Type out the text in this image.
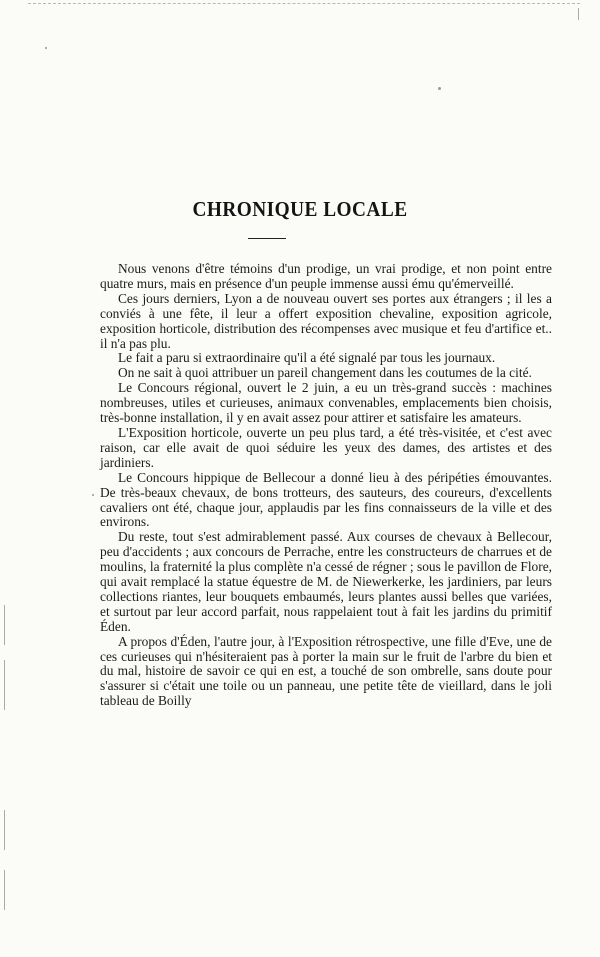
CHRONIQUE LOCALE

Nous venons d'être témoins d'un prodige, un vrai prodige, et non point entre quatre murs, mais en présence d'un peuple immense aussi ému qu'émerveillé.

Ces jours derniers, Lyon a de nouveau ouvert ses portes aux étrangers ; il les a conviés à une fête, il leur a offert exposition chevaline, exposition agricole, exposition horticole, distribution des récompenses avec musique et feu d'artifice et.. il n'a pas plu.

Le fait a paru si extraordinaire qu'il a été signalé par tous les journaux.

On ne sait à quoi attribuer un pareil changement dans les coutumes de la cité.

Le Concours régional, ouvert le 2 juin, a eu un très-grand succès : machines nombreuses, utiles et curieuses, animaux convenables, emplacements bien choisis, très-bonne installation, il y en avait assez pour attirer et satisfaire les amateurs.

L'Exposition horticole, ouverte un peu plus tard, a été très-visitée, et c'est avec raison, car elle avait de quoi séduire les yeux des dames, des artistes et des jardiniers.

Le Concours hippique de Bellecour a donné lieu à des péripéties émouvantes. De très-beaux chevaux, de bons trotteurs, des sauteurs, des coureurs, d'excellents cavaliers ont été, chaque jour, applaudis par les fins connaisseurs de la ville et des environs.

Du reste, tout s'est admirablement passé. Aux courses de chevaux à Bellecour, peu d'accidents ; aux concours de Perrache, entre les constructeurs de charrues et de moulins, la fraternité la plus complète n'a cessé de régner ; sous le pavillon de Flore, qui avait remplacé la statue équestre de M. de Niewerkerke, les jardiniers, par leurs collections riantes, leur bouquets embaumés, leurs plantes aussi belles que variées, et surtout par leur accord parfait, nous rappelaient tout à fait les jardins du primitif Éden.

A propos d'Éden, l'autre jour, à l'Exposition rétrospective, une fille d'Eve, une de ces curieuses qui n'hésiteraient pas à porter la main sur le fruit de l'arbre du bien et du mal, histoire de savoir ce qui en est, a touché de son ombrelle, sans doute pour s'assurer si c'était une toile ou un panneau, une petite tête de vieillard, dans le joli tableau de Boilly
